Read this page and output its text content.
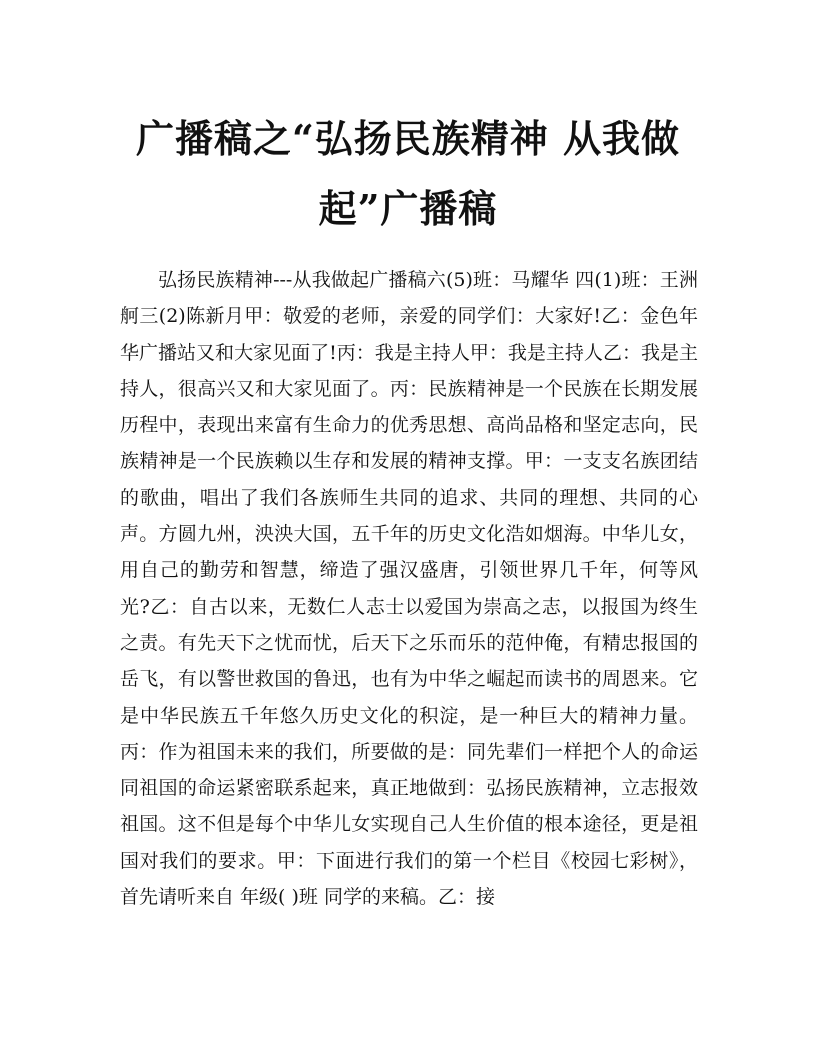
广播稿之“弘扬民族精神 从我做起”广播稿

弘扬民族精神---从我做起广播稿六(5)班：马耀华 四(1)班：王洲舸三(2)陈新月甲：敬爱的老师，亲爱的同学们：大家好!乙：金色年华广播站又和大家见面了!丙：我是主持人甲：我是主持人乙：我是主持人，很高兴又和大家见面了。丙：民族精神是一个民族在长期发展历程中，表现出来富有生命力的优秀思想、高尚品格和坚定志向，民族精神是一个民族赖以生存和发展的精神支撑。甲：一支支名族团结的歌曲，唱出了我们各族师生共同的追求、共同的理想、共同的心声。方圆九州，泱泱大国，五千年的历史文化浩如烟海。中华儿女，用自己的勤劳和智慧，缔造了强汉盛唐，引领世界几千年，何等风光?乙：自古以来，无数仁人志士以爱国为崇高之志，以报国为终生之责。有先天下之忧而忧，后天下之乐而乐的范仲俺，有精忠报国的岳飞，有以警世救国的鲁迅，也有为中华之崛起而读书的周恩来。它是中华民族五千年悠久历史文化的积淀，是一种巨大的精神力量。丙：作为祖国未来的我们，所要做的是：同先辈们一样把个人的命运同祖国的命运紧密联系起来，真正地做到：弘扬民族精神，立志报效祖国。这不但是每个中华儿女实现自己人生价值的根本途径，更是祖国对我们的要求。甲：下面进行我们的第一个栏目《校园七彩树》，首先请听来自 年级( )班 同学的来稿。乙：接
